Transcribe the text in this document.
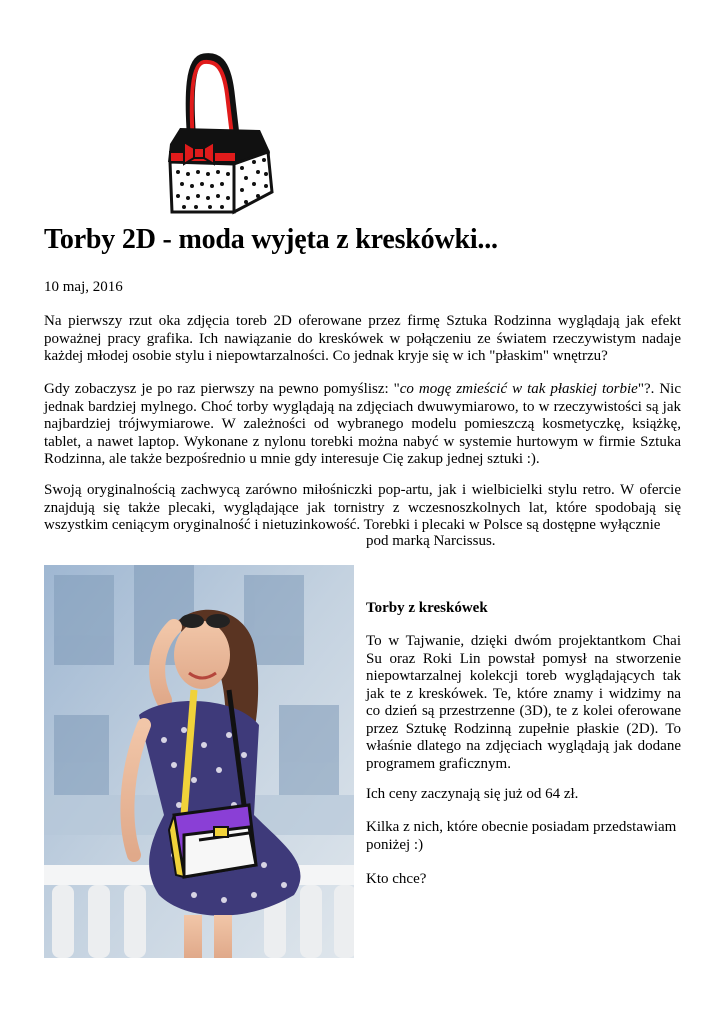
Torby 2D - moda wyjęta z kreskówki...

10 maj, 2016

Na pierwszy rzut oka zdjęcia toreb 2D oferowane przez firmę Sztuka Rodzinna wyglądają jak efekt poważnej pracy grafika. Ich nawiązanie do kreskówek w połączeniu ze światem rzeczywistym nadaje każdej młodej osobie stylu i niepowtarzalności. Co jednak kryje się w ich "płaskim" wnętrzu?

Gdy zobaczysz je po raz pierwszy na pewno pomyślisz: "co mogę zmieścić w tak płaskiej torbie"?. Nic jednak bardziej mylnego. Choć torby wyglądają na zdjęciach dwuwymiarowo, to w rzeczywistości są jak najbardziej trójwymiarowe. W zależności od wybranego modelu pomieszczą kosmetyczkę, książkę, tablet, a nawet laptop. Wykonane z nylonu torebki można nabyć w systemie hurtowym w firmie Sztuka Rodzinna, ale także bezpośrednio u mnie gdy interesuje Cię zakup jednej sztuki :).

Swoją oryginalnością zachwycą zarówno miłośniczki pop-artu, jak i wielbicielki stylu retro. W ofercie znajdują się także plecaki, wyglądające jak tornistry z wczesnoszkolnych lat, które spodobają się wszystkim ceniącym oryginalność i nietuzinkowość. Torebki i plecaki w Polsce są dostępne wyłącznie

pod marką Narcissus.

Torby z kreskówek

To w Tajwanie, dzięki dwóm projektantkom Chai Su oraz Roki Lin powstał pomysł na stworzenie niepowtarzalnej kolekcji toreb wyglądających tak jak te z kreskówek. Te, które znamy i widzimy na co dzień są przestrzenne (3D), te z kolei oferowane przez Sztukę Rodzinną zupełnie płaskie (2D). To właśnie dlatego na zdjęciach wyglądają jak dodane programem graficznym.

Ich ceny zaczynają się już od 64 zł.

Kilka z nich, które obecnie posiadam przedstawiam poniżej :)

Kto chce?
